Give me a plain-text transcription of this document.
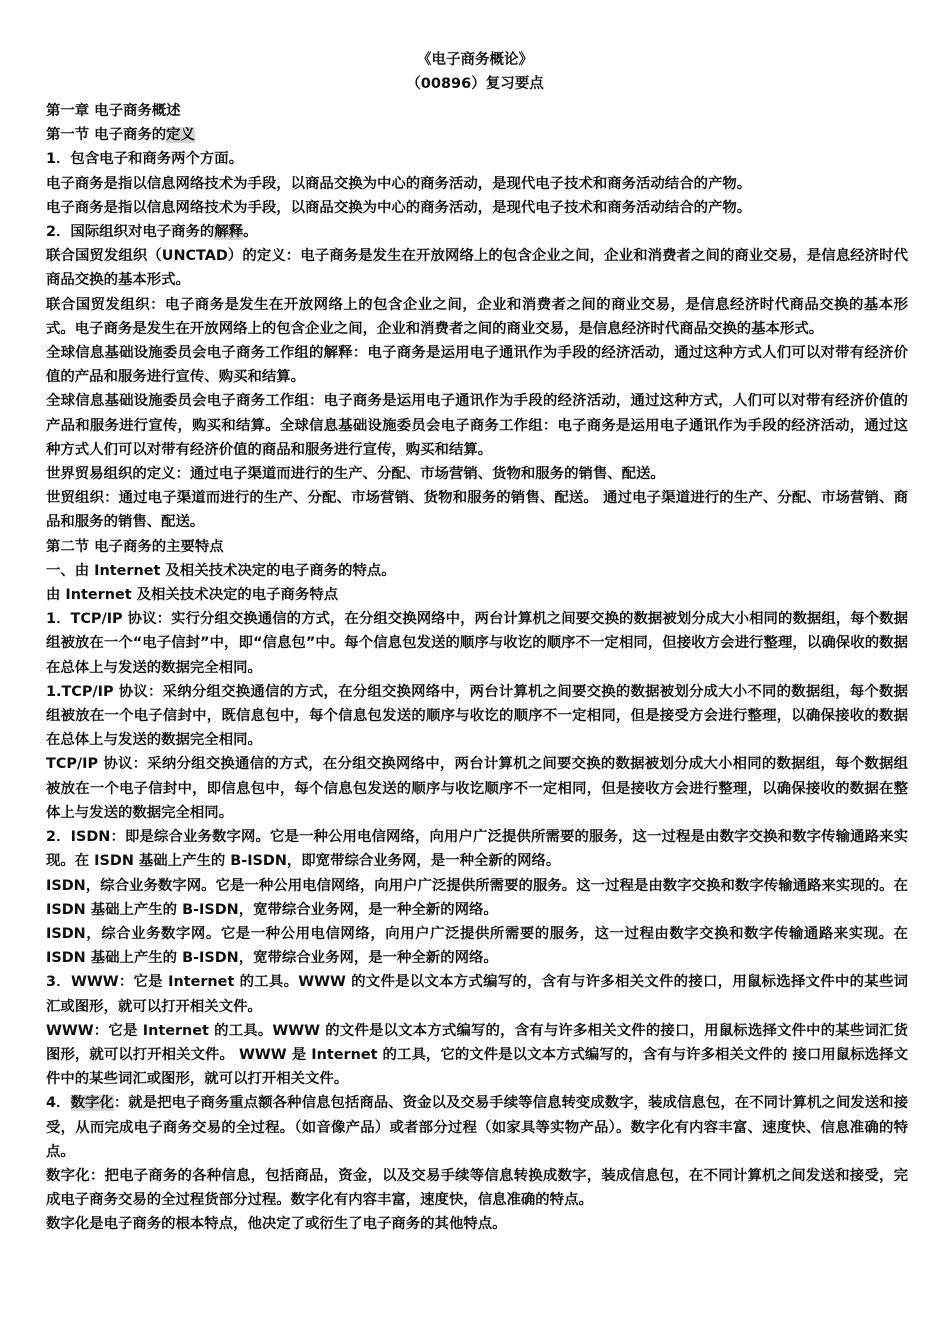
《电子商务概论》
（00896）复习要点

第一章 电子商务概述

第一节 电子商务的定义

1．包含电子和商务两个方面。

电子商务是指以信息网络技术为手段，以商品交换为中心的商务活动，是现代电子技术和商务活动结合的产物。

电子商务是指以信息网络技术为手段，以商品交换为中心的商务活动，是现代电子技术和商务活动结合的产物。

2．国际组织对电子商务的解释。

联合国贸发组织（UNCTAD）的定义：电子商务是发生在开放网络上的包含企业之间，企业和消费者之间的商业交易，是信息经济时代商品交换的基本形式。

联合国贸发组织：电子商务是发生在开放网络上的包含企业之间，企业和消费者之间的商业交易，是信息经济时代商品交换的基本形式。电子商务是发生在开放网络上的包含企业之间，企业和消费者之间的商业交易，是信息经济时代商品交换的基本形式。

全球信息基础设施委员会电子商务工作组的解释：电子商务是运用电子通讯作为手段的经济活动，通过这种方式人们可以对带有经济价值的产品和服务进行宣传、购买和结算。

全球信息基础设施委员会电子商务工作组：电子商务是运用电子通讯作为手段的经济活动，通过这种方式，人们可以对带有经济价值的产品和服务进行宣传，购买和结算。全球信息基础设施委员会电子商务工作组：电子商务是运用电子通讯作为手段的经济活动，通过这种方式人们可以对带有经济价值的商品和服务进行宣传，购买和结算。

世界贸易组织的定义：通过电子渠道而进行的生产、分配、市场营销、货物和服务的销售、配送。

世贸组织：通过电子渠道而进行的生产、分配、市场营销、货物和服务的销售、配送。 通过电子渠道进行的生产、分配、市场营销、商品和服务的销售、配送。

第二节 电子商务的主要特点

一、由 Internet 及相关技术决定的电子商务的特点。

由 Internet 及相关技术决定的电子商务特点

1．TCP/IP 协议：实行分组交换通信的方式，在分组交换网络中，两台计算机之间要交换的数据被划分成大小相同的数据组，每个数据组被放在一个“电子信封”中，即“信息包”中。每个信息包发送的顺序与收讫的顺序不一定相同，但接收方会进行整理，以确保收的数据在总体上与发送的数据完全相同。

1.TCP/IP 协议：采纳分组交换通信的方式，在分组交换网络中，两台计算机之间要交换的数据被划分成大小不同的数据组，每个数据组被放在一个电子信封中，既信息包中，每个信息包发送的顺序与收讫的顺序不一定相同，但是接受方会进行整理，以确保接收的数据在总体上与发送的数据完全相同。

TCP/IP 协议：采纳分组交换通信的方式，在分组交换网络中，两台计算机之间要交换的数据被划分成大小相同的数据组，每个数据组被放在一个电子信封中，即信息包中，每个信息包发送的顺序与收讫顺序不一定相同，但是接收方会进行整理，以确保接收的数据在整体上与发送的数据完全相同。

2．ISDN：即是综合业务数字网。它是一种公用电信网络，向用户广泛提供所需要的服务，这一过程是由数字交换和数字传输通路来实现。在 ISDN 基础上产生的 B-ISDN，即宽带综合业务网，是一种全新的网络。

ISDN，综合业务数字网。它是一种公用电信网络，向用户广泛提供所需要的服务。这一过程是由数字交换和数字传输通路来实现的。在 ISDN 基础上产生的 B-ISDN，宽带综合业务网，是一种全新的网络。

ISDN，综合业务数字网。它是一种公用电信网络，向用户广泛提供所需要的服务，这一过程由数字交换和数字传输通路来实现。在 ISDN 基础上产生的 B-ISDN，宽带综合业务网，是一种全新的网络。

3．WWW：它是 Internet 的工具。WWW 的文件是以文本方式编写的，含有与许多相关文件的接口，用鼠标选择文件中的某些词汇或图形，就可以打开相关文件。

WWW：它是 Internet 的工具。WWW 的文件是以文本方式编写的，含有与许多相关文件的接口，用鼠标选择文件中的某些词汇货图形，就可以打开相关文件。 WWW 是 Internet 的工具，它的文件是以文本方式编写的，含有与许多相关文件的 接口用鼠标选择文件中的某些词汇或图形，就可以打开相关文件。

4．数字化：就是把电子商务重点额各种信息包括商品、资金以及交易手续等信息转变成数字，装成信息包，在不同计算机之间发送和接受，从而完成电子商务交易的全过程。（如音像产品）或者部分过程（如家具等实物产品）。数字化有内容丰富、速度快、信息准确的特点。

数字化：把电子商务的各种信息，包括商品，资金，以及交易手续等信息转换成数字，装成信息包，在不同计算机之间发送和接受，完成电子商务交易的全过程货部分过程。数字化有内容丰富，速度快，信息准确的特点。

数字化是电子商务的根本特点，他决定了或衍生了电子商务的其他特点。
